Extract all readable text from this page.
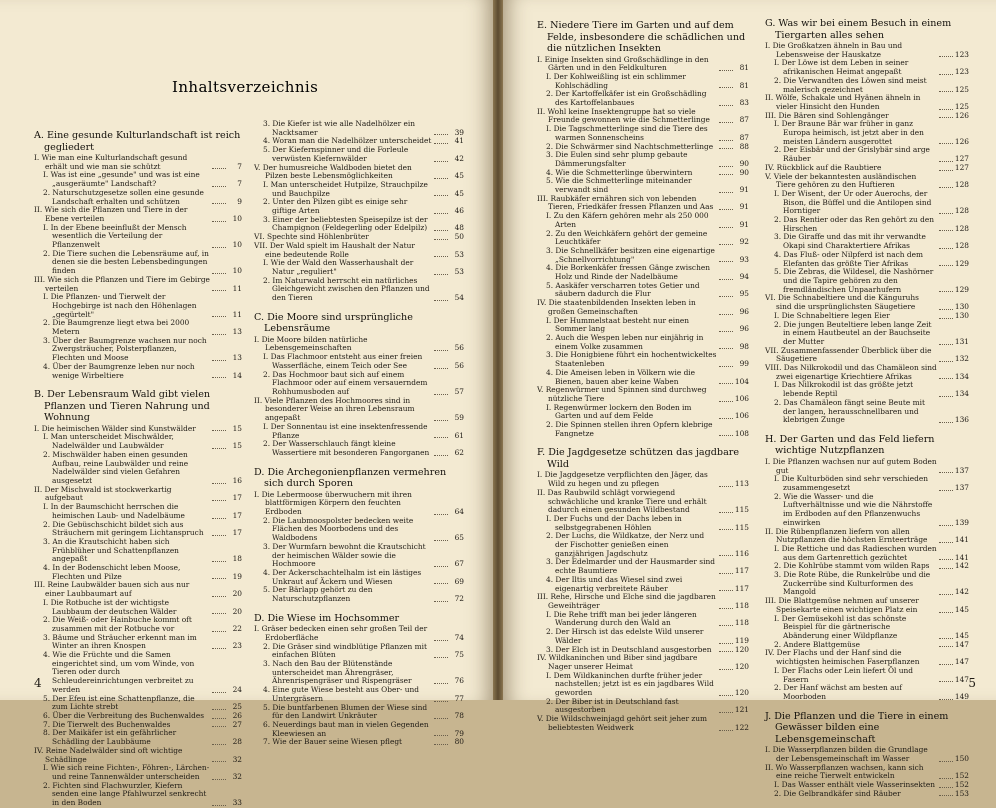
Inhaltsverzeichnis
A. Eine gesunde Kulturlandschaft ist reich gegliedert
I. Wie man eine Kulturlandschaft gesund erhält und wie man sie schützt	7
I. Was ist eine „gesunde" und was ist eine „ausgeräumte" Landschaft?	7
2. Naturschutzgesetze sollen eine gesunde Landschaft erhalten und schützen	9
II. Wie sich die Pflanzen und Tiere in der Ebene verteilen	10
I. In der Ebene beeinflußt der Mensch wesentlich die Verteilung der Pflanzenwelt	10
2. Die Tiere suchen die Lebensräume auf, in denen sie die besten Lebensbedingungen finden	10
III. Wie sich die Pflanzen und Tiere im Gebirge verteilen	11
I. Die Pflanzen- und Tierwelt der Hochgebirge ist nach den Höhenlagen „gegürtelt"	11
2. Die Baumgrenze liegt etwa bei 2000 Metern	13
3. Über der Baumgrenze wachsen nur noch Zwergsträucher, Polsterpflanzen, Flechten und Moose	13
4. Über der Baumgrenze leben nur noch wenige Wirbeltiere	14
B. Der Lebensraum Wald gibt vielen Pflanzen und Tieren Nahrung und Wohnung
I. Die heimischen Wälder sind Kunstwälder	15
I. Man unterscheidet Mischwälder, Nadelwälder und Laubwälder	15
2. Mischwälder haben einen gesunden Aufbau, reine Laubwälder und reine Nadelwälder sind vielen Gefahren ausgesetzt	16
II. Der Mischwald ist stockwerkartig aufgebaut	17
I. In der Baumschicht herrschen die heimischen Laub- und Nadelbäume	17
2. Die Gebüschschicht bildet sich aus Sträuchern mit geringem Lichtanspruch	17
3. An die Krautschicht haben sich Frühblüher und Schattenpflanzen angepaßt	18
4. In der Bodenschicht leben Moose, Flechten und Pilze	19
III. Reine Laubwälder bauen sich aus nur einer Laubbaumart auf	20
I. Die Rotbuche ist der wichtigste Laubbaum der deutschen Wälder	20
2. Die Weiß- oder Hainbuche kommt oft zusammen mit der Rotbuche vor	22
3. Bäume und Sträucher erkennt man im Winter an ihren Knospen	23
4. Wie die Früchte und die Samen eingerichtet sind, um vom Winde, von Tieren oder durch Schleudereinrichtungen verbreitet zu werden	24
5. Der Efeu ist eine Schattenpflanze, die zum Lichte strebt	25
6. Über die Verbreitung des Buchenwaldes	26
7. Die Tierwelt des Buchenwaldes	27
8. Der Maikäfer ist ein gefährlicher Schädling der Laubbäume	28
IV. Reine Nadelwälder sind oft wichtige Schädlinge	32
I. Wie sich reine Fichten-, Föhren-, Lärchen- und reine Tannenwälder unterscheiden	32
2. Fichten sind Flachwurzler, Kiefern senden eine lange Pfahlwurzel senkrecht in den Boden	33
3. Die Kiefer ist wie alle Nadelhölzer ein Nacktsamer	39
4. Woran man die Nadelhölzer unterscheidet	41
5. Der Kiefernspinner und die Forleule verwüsten Kiefernwälder	42
V. Der humusreiche Waldboden bietet den Pilzen beste Lebensmöglichkeiten	45
I. Man unterscheidet Hutpilze, Strauchpilze und Bauchpilze	45
2. Unter den Pilzen gibt es einige sehr giftige Arten	46
3. Einer der beliebtesten Speisepilze ist der Champignon (Feldegerling oder Edelpilz)	48
VI. Spechte sind Höhlenbrüter	50
VII. Der Wald spielt im Haushalt der Natur eine bedeutende Rolle	53
I. Wie der Wald den Wasserhaushalt der Natur „reguliert"	53
2. Im Naturwald herrscht ein natürliches Gleichgewicht zwischen den Pflanzen und den Tieren	54
C. Die Moore sind ursprüngliche Lebensräume
I. Die Moore bilden natürliche Lebensgemeinschaften	56
I. Das Flachmoor entsteht aus einer freien Wasserfläche, einem Teich oder See	56
2. Das Hochmoor baut sich auf einem Flachmoor oder auf einem versauerndem Rohhumusboden auf	57
II. Viele Pflanzen des Hochmoores sind in besonderer Weise an ihren Lebensraum angepaßt	59
I. Der Sonnentau ist eine insektenfressende Pflanze	61
2. Der Wasserschlauch fängt kleine Wassertiere mit besonderen Fangorganen	62
D. Die Archegonienpflanzen vermehren sich durch Sporen
I. Die Lebermoose überwuchern mit ihren blattförmigen Körpern den feuchten Erdboden	64
2. Die Laubmoospolster bedecken weite Flächen des Moorbodens und des Waldbodens	65
3. Der Wurmfarn bewohnt die Krautschicht der heimischen Wälder sowie die Hochmoore	67
4. Der Ackerschachtelhalm ist ein lästiges Unkraut auf Äckern und Wiesen	69
5. Der Bärlapp gehört zu den Naturschutzpflanzen	72
D. Die Wiese im Hochsommer
I. Gräser bedecken einen sehr großen Teil der Erdoberfläche	74
2. Die Gräser sind windblütige Pflanzen mit einfachen Blüten	75
3. Nach den Bau der Blütenstände unterscheidet man Ährengräser, Ährenrispengräser und Rispengräser	76
4. Eine gute Wiese besteht aus Ober- und Untergräsern	77
5. Die buntfarbenen Blumen der Wiese sind für den Landwirt Unkräuter	78
6. Neuerdings baut man in vielen Gegenden Kleewiesen an	79
7. Wie der Bauer seine Wiesen pflegt	80
4
E. Niedere Tiere im Garten und auf dem Felde, insbesondere die schädlichen und die nützlichen Insekten
I. Einige Insekten sind Großschädlinge in den Gärten und in den Feldkulturen	81
I. Der Kohlweißling ist ein schlimmer Kohlschädling	81
2. Der Kartoffelkäfer ist ein Großschädling des Kartoffelanbaues	83
II. Wohl keine Insektengruppe hat so viele Freunde gewonnen wie die Schmetterlinge	87
I. Die Tagschmetterlinge sind die Tiere des warmen Sonnenscheins	87
2. Die Schwärmer sind Nachtschmetterlinge	88
3. Die Eulen sind sehr plump gebaute Dämmerungsfalter	90
4. Wie die Schmetterlinge überwintern	90
5. Wie die Schmetterlinge miteinander verwandt sind	91
III. Raubkäfer ernähren sich von lebenden Tieren, Friedkäfer fressen Pflanzen und Aas	91
I. Zu den Käfern gehören mehr als 250 000 Arten	91
2. Zu den Weichkäfern gehört der gemeine Leuchtkäfer	92
3. Die Schnellkäfer besitzen eine eigenartige „Schnellvorrichtung"	93
4. Die Borkenkäfer fressen Gänge zwischen Holz und Rinde der Nadelbäume	94
5. Aaskäfer verscharren totes Getier und säubern dadurch die Flur	95
IV. Die staatenbildenden Insekten leben in großen Gemeinschaften	96
I. Der Hummelstaat besteht nur einen Sommer lang	96
2. Auch die Wespen leben nur einjährig in einem Volke zusammen	98
3. Die Honigbiene führt ein hochentwickeltes Staatenleben	99
4. Die Ameisen leben in Völkern wie die Bienen, bauen aber keine Waben	104
V. Regenwürmer und Spinnen sind durchweg nützliche Tiere	106
I. Regenwürmer lockern den Boden im Garten und auf dem Felde	106
2. Die Spinnen stellen ihren Opfern klebrige Fangnetze	108
F. Die Jagdgesetze schützen das jagdbare Wild
I. Die Jagdgesetze verpflichten den Jäger, das Wild zu hegen und zu pflegen	113
II. Das Raubwild schlägt vorwiegend schwächliche und kranke Tiere und erhält dadurch einen gesunden Wildbestand	115
I. Der Fuchs und der Dachs leben in selbstgegrabenen Höhlen	115
2. Der Luchs, die Wildkatze, der Nerz und der Fischotter genießen einen ganzjährigen Jagdschutz	116
3. Der Edelmarder und der Hausmarder sind echte Baumtiere	117
4. Der Iltis und das Wiesel sind zwei eigenartig verbreitete Räuber	117
III. Rehe, Hirsche und Elche sind die jagdbaren Geweihträger	118
I. Die Rehe trifft man bei jeder längeren Wanderung durch den Wald an	118
2. Der Hirsch ist das edelste Wild unserer Wälder	119
3. Der Elch ist in Deutschland ausgestorben	120
IV. Wildkaninchen und Biber sind jagdbare Nager unserer Heimat	120
I. Dem Wildkaninchen durfte früher jeder nachstellen; jetzt ist es ein jagdbares Wild geworden	120
2. Der Biber ist in Deutschland fast ausgestorben	121
V. Die Wildschweinjagd gehört seit jeher zum beliebtesten Weidwerk	122
G. Was wir bei einem Besuch in einem Tiergarten alles sehen
I. Die Großkatzen ähneln in Bau und Lebensweise der Hauskatze	123
I. Der Löwe ist dem Leben in seiner afrikanischen Heimat angepaßt	123
2. Die Verwandten des Löwen sind meist malerisch gezeichnet	125
II. Wölfe, Schakale und Hyänen ähneln in vieler Hinsicht den Hunden	125
III. Die Bären sind Sohlengänger	126
I. Der Braune Bär war früher in ganz Europa heimisch, ist jetzt aber in den meisten Ländern ausgerottet	126
2. Der Eisbär und der Grislybär sind arge Räuber	127
IV. Rückblick auf die Raubtiere	127
V. Viele der bekanntesten ausländischen Tiere gehören zu den Huftieren	128
I. Der Wisent, der Ur oder Auerochs, der Bison, die Büffel und die Antilopen sind Horntiger	128
2. Das Rentier oder das Ren gehört zu den Hirschen	128
3. Die Giraffe und das mit ihr verwandte Okapi sind Charaktertiere Afrikas	128
4. Das Fluß- oder Nilpferd ist nach dem Elefanten das größte Tier Afrikas	129
5. Die Zebras, die Wildesel, die Nashörner und die Tapire gehören zu den fremdländischen Unpaarhufern	129
VI. Die Schnabeltiere und die Känguruhs sind die ursprünglichsten Säugetiere	130
I. Die Schnabeltiere legen Eier	130
2. Die jungen Beuteltiere leben lange Zeit in einem Hautbeutel an der Bauchseite der Mutter	131
VII. Zusammenfassender Überblick über die Säugetiere	132
VIII. Das Nilkrokodil und das Chamäleon sind zwei eigenartige Kriechtiere Afrikas	134
I. Das Nilkrokodil ist das größte jetzt lebende Reptil	134
2. Das Chamäleon fängt seine Beute mit der langen, herausschnellbaren und klebrigen Zunge	136
H. Der Garten und das Feld liefern wichtige Nutzpflanzen
I. Die Pflanzen wachsen nur auf gutem Boden gut	137
I. Die Kulturböden sind sehr verschieden zusammengesetzt	137
2. Wie die Wasser- und die Luftverhältnisse und wie die Nährstoffe im Erdboden auf den Pflanzenwuchs einwirken	139
II. Die Rübenpflanzen liefern von allen Nutzpflanzen die höchsten Ernteerträge	141
I. Die Rettiche und das Radieschen wurden aus dem Gartenrettich gezüchtet	141
2. Die Kohlrübe stammt vom wilden Raps	142
3. Die Rote Rübe, die Runkelrübe und die Zuckerrübe sind Kulturformen des Mangold	142
III. Die Blattgemüse nehmen auf unserer Speisekarte einen wichtigen Platz ein	145
I. Der Gemüsekohl ist das schönste Beispiel für die gärtnerische Abänderung einer Wildpflanze	145
2. Andere Blattgemüse	147
IV. Der Flachs und der Hanf sind die wichtigsten heimischen Faserpflanzen	147
I. Der Flachs oder Lein liefert Öl und Fasern	147
2. Der Hanf wächst am besten auf Moorboden	149
J. Die Pflanzen und die Tiere in einem Gewässer bilden eine Lebensgemeinschaft
I. Die Wasserpflanzen bilden die Grundlage der Lebensgemeinschaft im Wasser	150
II. Wo Wasserpflanzen wachsen, kann sich eine reiche Tierwelt entwickeln	152
I. Das Wasser enthält viele Wasserinsekten	152
2. Die Gelbrandkäfer sind Räuber	153
5
